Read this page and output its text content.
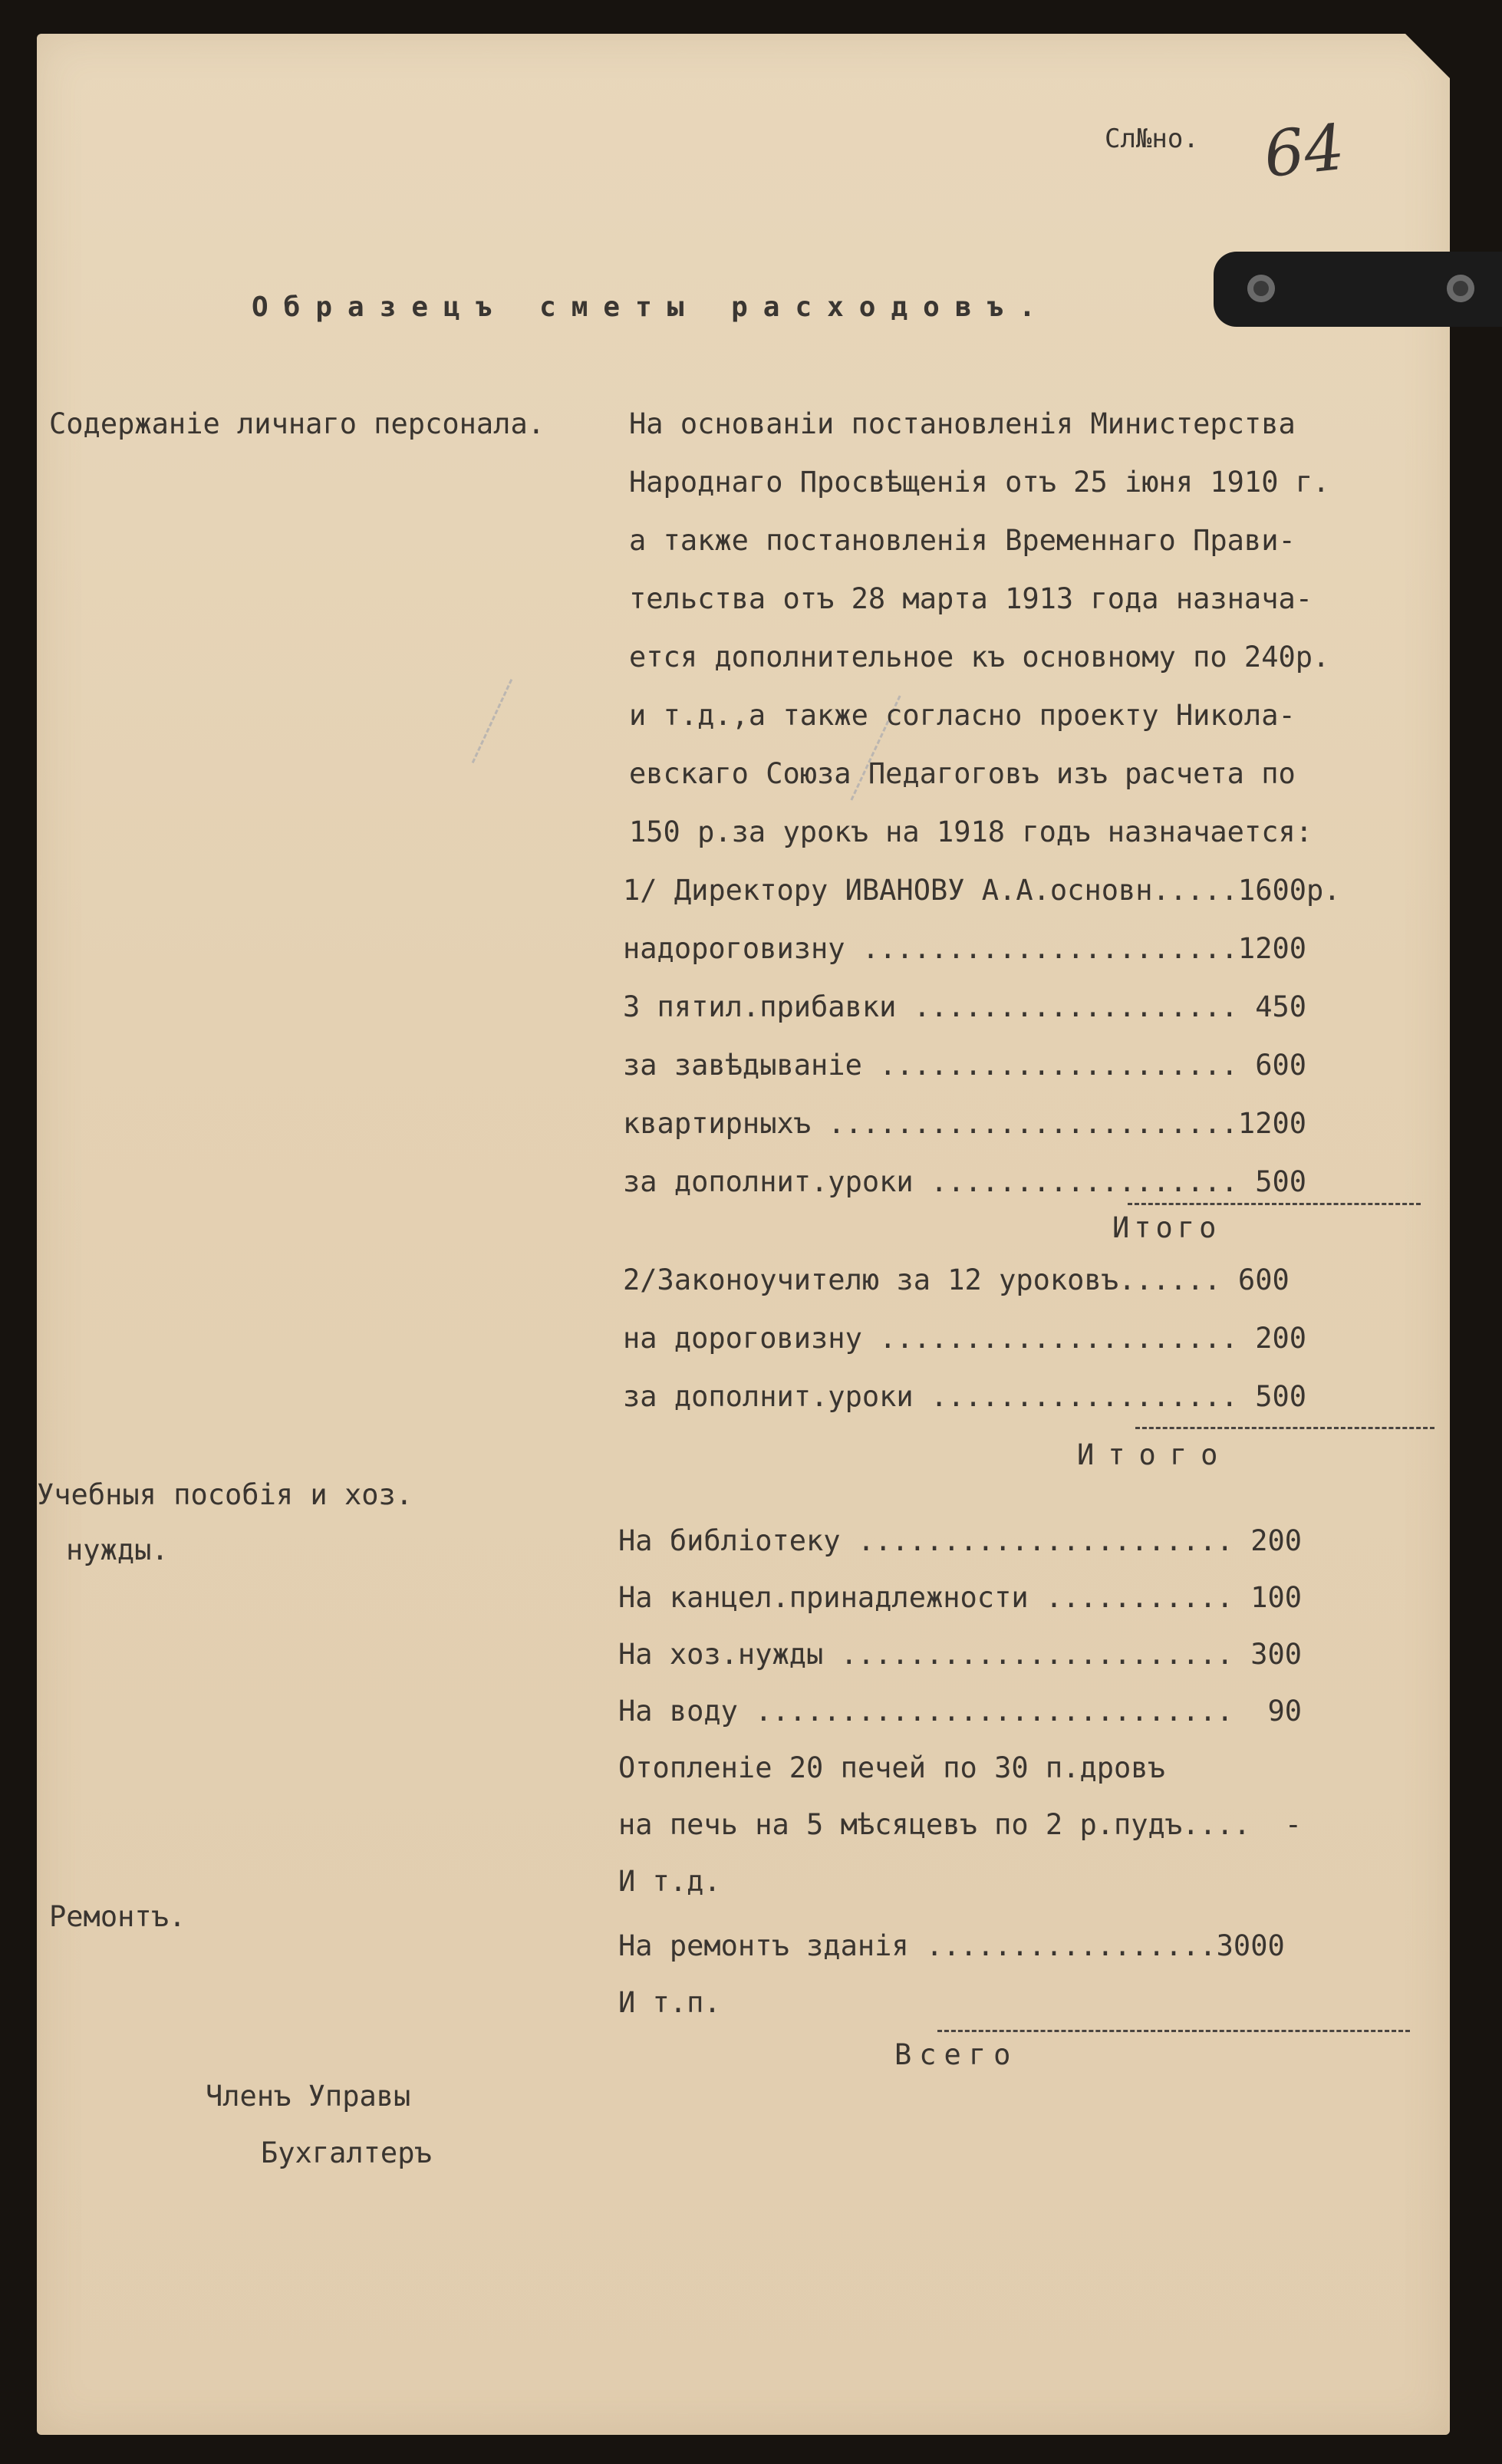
Сл№но. 64
Образецъ сметы расходовъ.
Содержаніе личнаго персонала.
Учебныя пособія и хоз.
нужды.
Ремонтъ.
На основаніи постановленія Министерства
Народнаго Просвѣщенія отъ 25 іюня 1910 г.
а также постановленія Временнаго Прави-
тельства отъ 28 марта 1913 года назнача-
ется дополнительное къ основному по 240р.
и т.д.,а также согласно проекту Никола-
евскаго Союза Педагоговъ изъ расчета по
150 р.за урокъ на 1918 годъ назначается:
1/ Директору ИВАНОВУ А.А.основн.....1600р.
надороговизну ......................1200
3 пятил.прибавки ................... 450
за завѣдываніе ..................... 600
квартирныхъ ........................1200
за дополнит.уроки .................. 500
Итого
2/Законоучителю за 12 уроковъ...... 600
на дороговизну ..................... 200
за дополнит.уроки .................. 500
Итого
На библіотеку ...................... 200
На канцел.принадлежности ........... 100
На хоз.нужды ....................... 300
На воду ............................  90
Отопленіе 20 печей по 30 п.дровъ
на печь на 5 мѣсяцевъ по 2 р.пудъ....  -
И т.д.
На ремонтъ зданія .................3000
И т.п.
Всего
Членъ Управы
Бухгалтеръ
